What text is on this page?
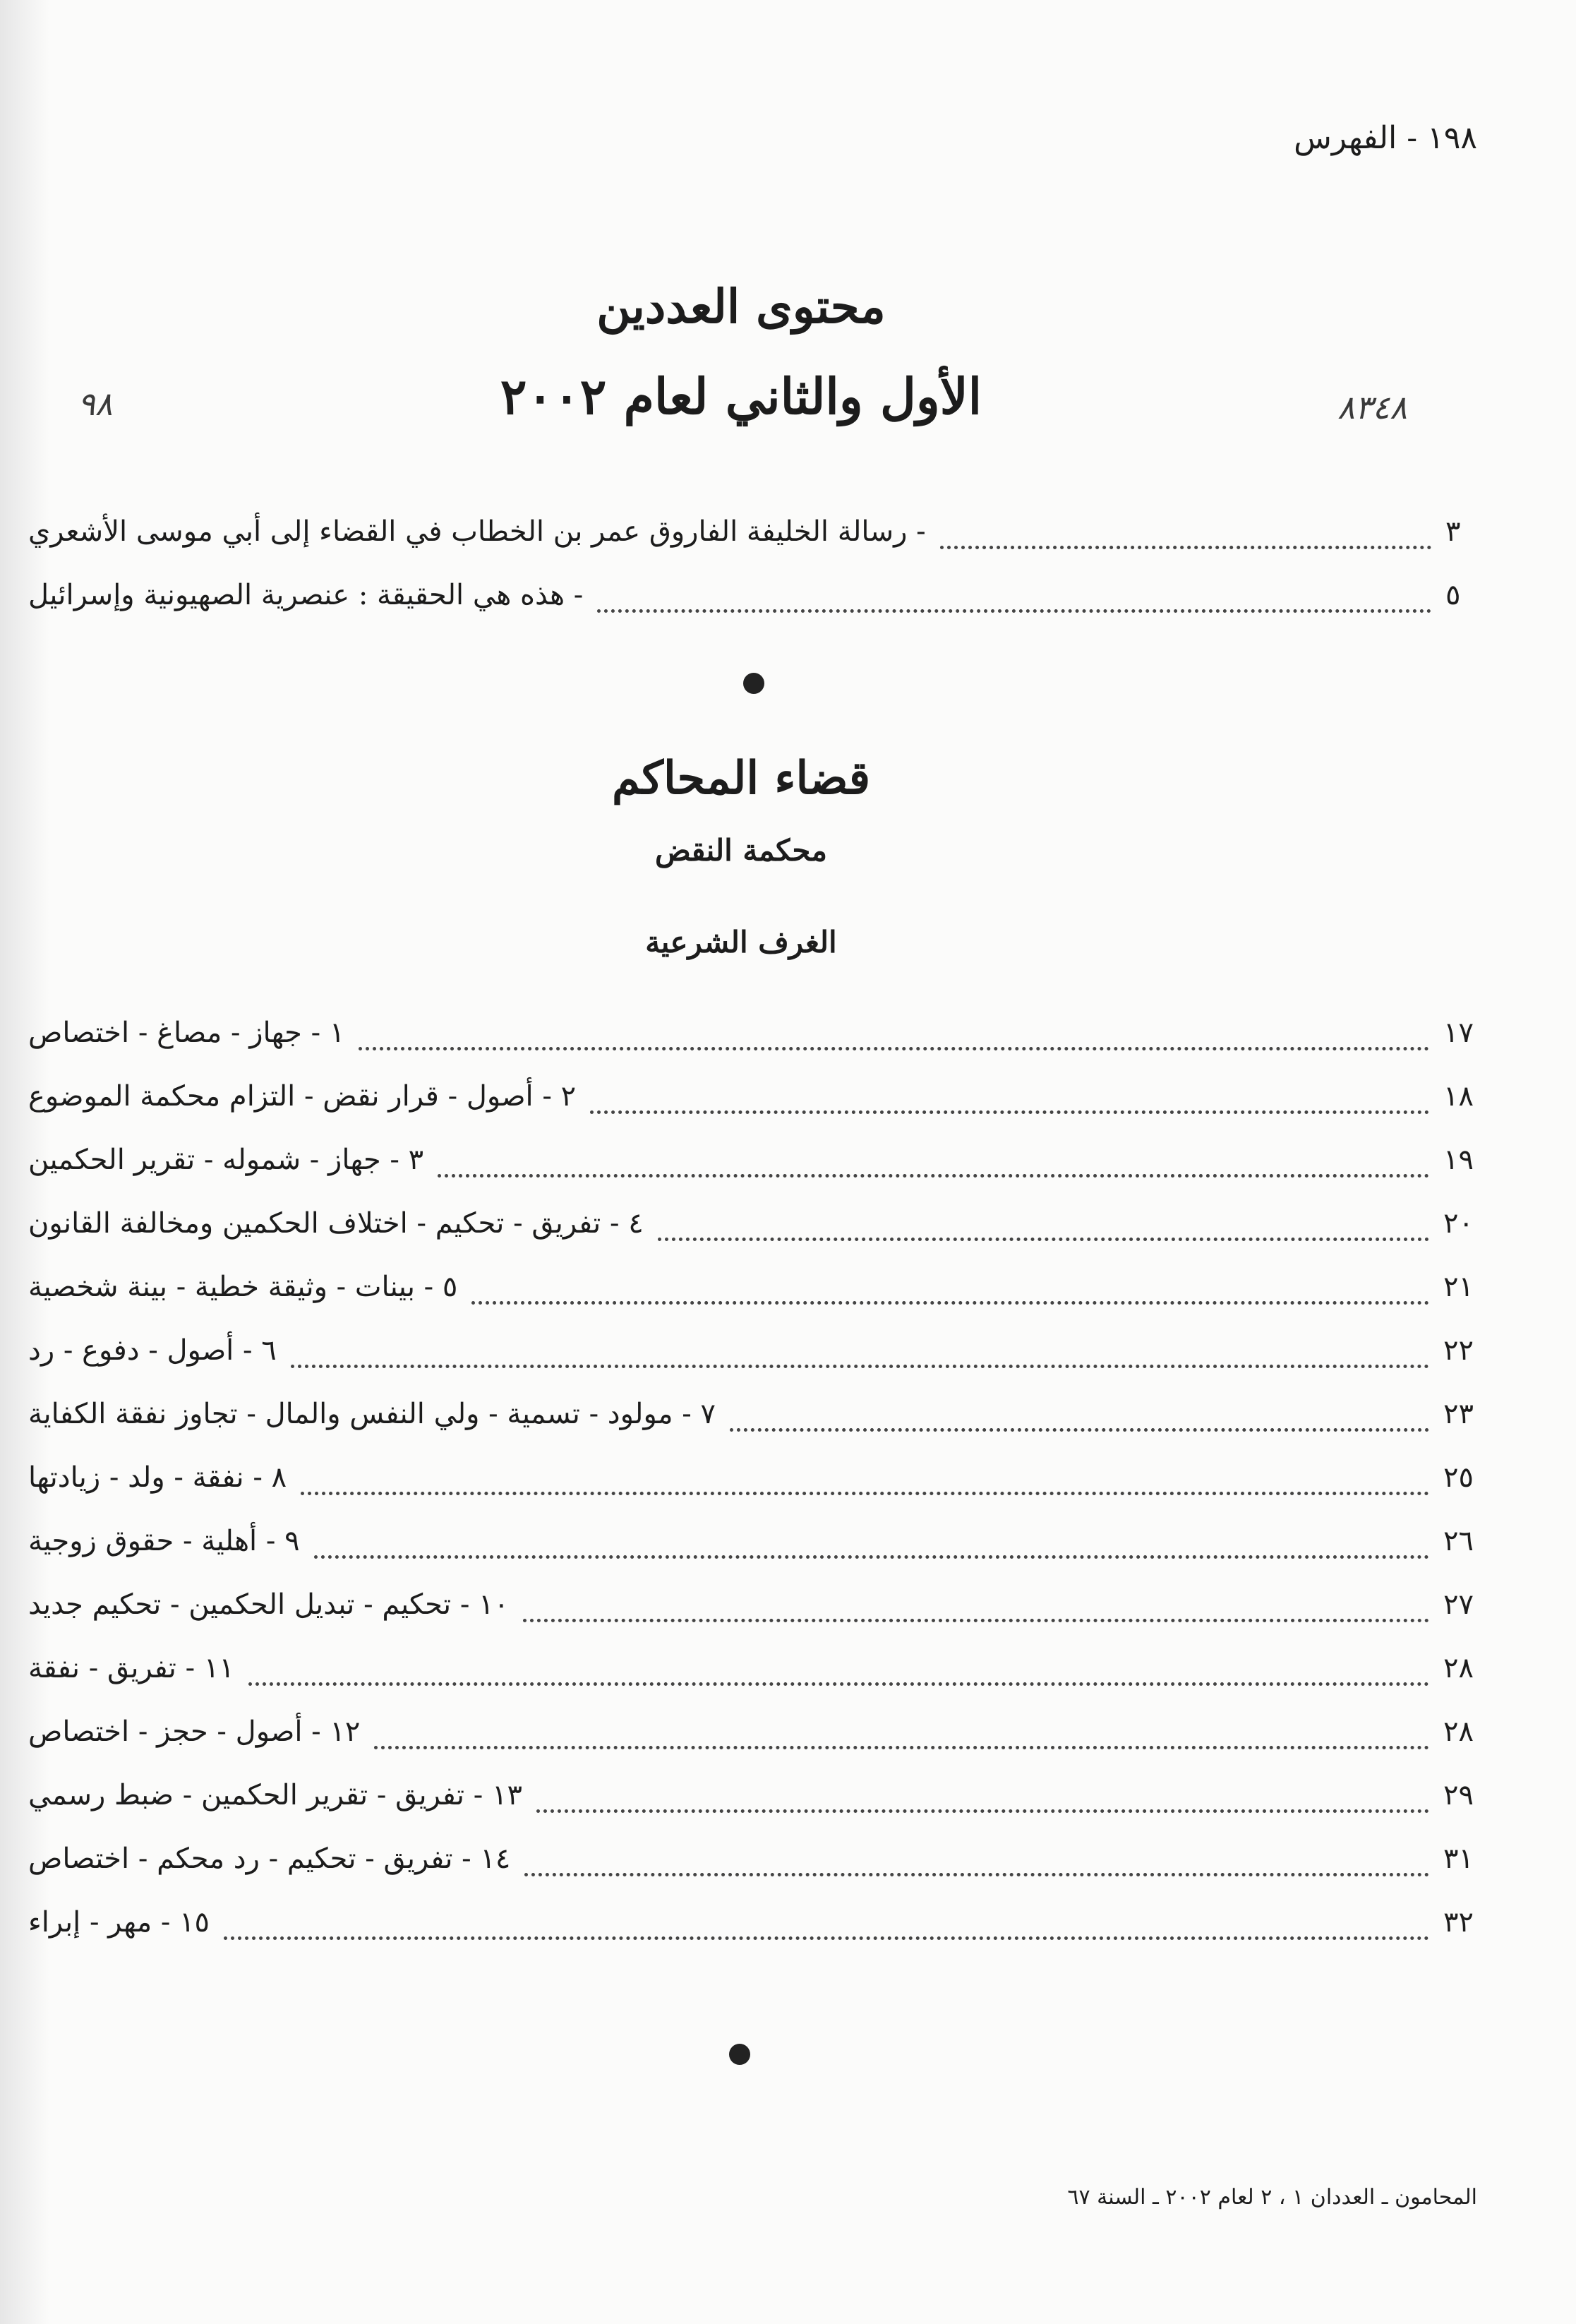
١٩٨ - الفهرس
محتوى العددين
الأول والثاني لعام ٢٠٠٢
٩٨	٨٣٤٨
- رسالة الخليفة الفاروق عمر بن الخطاب في القضاء إلى أبي موسى الأشعري	٣
- هذه هي الحقيقة : عنصرية الصهيونية وإسرائيل	٥
قضاء المحاكم
محكمة النقض
الغرف الشرعية
١ - جهاز - مصاغ - اختصاص	١٧
٢ - أصول - قرار نقض - التزام محكمة الموضوع	١٨
٣ - جهاز - شموله - تقرير الحكمين	١٩
٤ - تفريق - تحكيم - اختلاف الحكمين ومخالفة القانون	٢٠
٥ - بينات - وثيقة خطية - بينة شخصية	٢١
٦ - أصول - دفوع - رد	٢٢
٧ - مولود - تسمية - ولي النفس والمال - تجاوز نفقة الكفاية	٢٣
٨ - نفقة - ولد - زيادتها	٢٥
٩ - أهلية - حقوق زوجية	٢٦
١٠ - تحكيم - تبديل الحكمين - تحكيم جديد	٢٧
١١ - تفريق - نفقة	٢٨
١٢ - أصول - حجز - اختصاص	٢٨
١٣ - تفريق - تقرير الحكمين - ضبط رسمي	٢٩
١٤ - تفريق - تحكيم - رد محكم - اختصاص	٣١
١٥ - مهر - إبراء	٣٢
المحامون ـ العددان ١ ، ٢ لعام ٢٠٠٢ ـ السنة ٦٧
